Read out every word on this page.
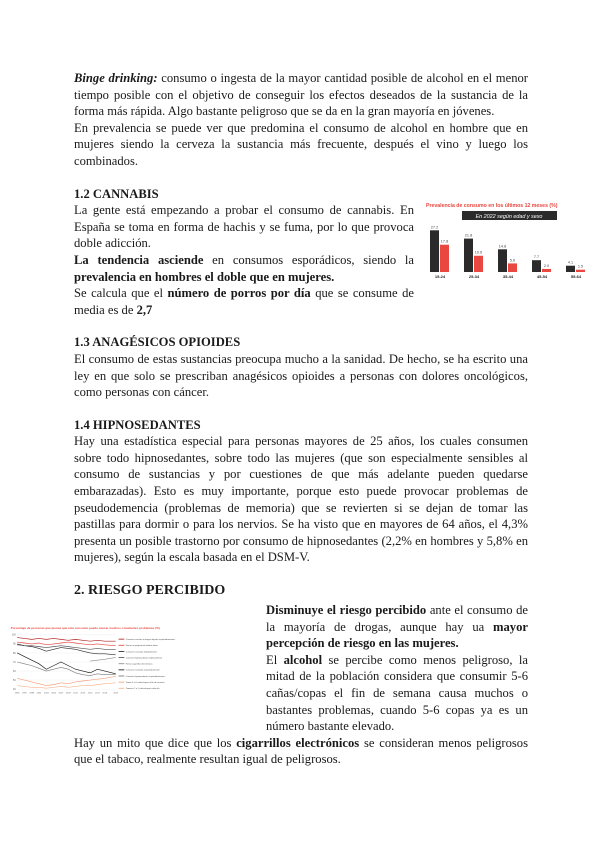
Binge drinking: consumo o ingesta de la mayor cantidad posible de alcohol en el menor tiempo posible con el objetivo de conseguir los efectos deseados de la sustancia de la forma más rápida. Algo bastante peligroso que se da en la gran mayoría en jóvenes.

En prevalencia se puede ver que predomina el consumo de alcohol en hombre que en mujeres siendo la cerveza la sustancia más frecuente, después el vino y luego los combinados.

1.2 CANNABIS

La gente está empezando a probar el consumo de cannabis. En España se toma en forma de hachis y se fuma, por lo que provoca doble adicción.

La tendencia asciende en consumos esporádicos, siendo la prevalencia en hombres el doble que en mujeres.

Se calcula que el número de porros por día que se consume de media es de 2,7

Prevalencia de consumo en los últimos 12 meses (%)
En 2022 según edad y sexo
27.2
17.8
15-24
21.8
10.6
25-34
14.8
5.6
35-44
7.7
2.0
45-54
4.1
1.5
55-64

1.3 ANAGÉSICOS OPIOIDES

El consumo de estas sustancias preocupa mucho a la sanidad. De hecho, se ha escrito una ley en que solo se prescriban anagésicos opioides a personas con dolores oncológicos, como personas con cáncer.

1.4 HIPNOSEDANTES

Hay una estadística especial para personas mayores de 25 años, los cuales consumen sobre todo hipnosedantes, sobre todo las mujeres (que son especialmente sensibles al consumo de sustancias y por cuestiones de que más adelante pueden quedarse embarazadas). Esto es muy importante, porque esto puede provocar problemas de pseudodemencia (problemas de memoria) que se revierten si se dejan de tomar las pastillas para dormir o para los nervios. Se ha visto que en mayores de 64 años, el 4,3% presenta un posible trastorno por consumo de hipnosedantes (2,2% en hombres y 5,8% en mujeres), según la escala basada en el DSM-V.

2. RIESGO PERCIBIDO

Porcentaje de personas que piensa que este consumo puede causar muchos o bastantes problemas (%)
100
90
80
70
60
50
40
1995 1997 1999 2001 2003 2005 2007 2009 2011 2013 2015 2017 2019 2022
Consumir cocaína o drogas ilegales esporádicamente
Fumar un paquete de tabaco diario
Consumir cannabis habitualmente
Consumir hipnosedantes habitualmente
Fumar cigarrillos electrónicos
Consumir cannabis esporádicamente
Consumir hipnosedantes esporádicamente
Tomar 5 o 6 cañas/copas el fin de semana
Tomarse 1 o 2 cañas/copas cada día

Disminuye el riesgo percibido ante el consumo de la mayoría de drogas, aunque hay ua mayor percepción de riesgo en las mujeres.

El alcohol se percibe como menos peligroso, la mitad de la población considera que consumir 5-6 cañas/copas el fin de semana causa muchos o bastantes problemas, cuando 5-6 copas ya es un número bastante elevado.

Hay un mito que dice que los cigarrillos electrónicos se consideran menos peligrosos que el tabaco, realmente resultan igual de peligrosos.
